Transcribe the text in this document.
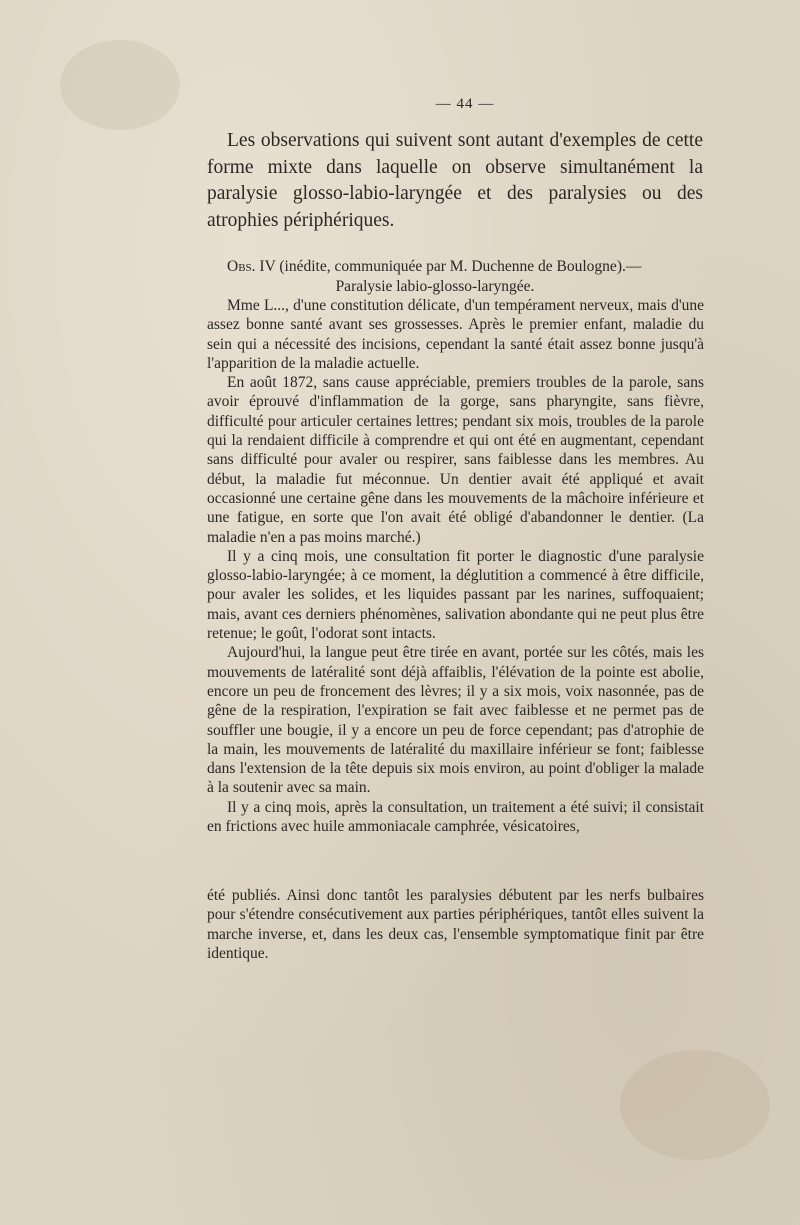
— 44 —

Les observations qui suivent sont autant d'exemples de cette forme mixte dans laquelle on observe simultanément la paralysie glosso-labio-laryngée et des paralysies ou des atrophies périphériques.

Obs. IV (inédite, communiquée par M. Duchenne de Boulogne).—
Paralysie labio-glosso-laryngée.

Mme L..., d'une constitution délicate, d'un tempérament nerveux, mais d'une assez bonne santé avant ses grossesses. Après le premier enfant, maladie du sein qui a nécessité des incisions, cependant la santé était assez bonne jusqu'à l'apparition de la maladie actuelle.

En août 1872, sans cause appréciable, premiers troubles de la parole, sans avoir éprouvé d'inflammation de la gorge, sans pharyngite, sans fièvre, difficulté pour articuler certaines lettres; pendant six mois, troubles de la parole qui la rendaient difficile à comprendre et qui ont été en augmentant, cependant sans difficulté pour avaler ou respirer, sans faiblesse dans les membres. Au début, la maladie fut méconnue. Un dentier avait été appliqué et avait occasionné une certaine gêne dans les mouvements de la mâchoire inférieure et une fatigue, en sorte que l'on avait été obligé d'abandonner le dentier. (La maladie n'en a pas moins marché.)

Il y a cinq mois, une consultation fit porter le diagnostic d'une paralysie glosso-labio-laryngée; à ce moment, la déglutition a commencé à être difficile, pour avaler les solides, et les liquides passant par les narines, suffoquaient; mais, avant ces derniers phénomènes, salivation abondante qui ne peut plus être retenue; le goût, l'odorat sont intacts.

Aujourd'hui, la langue peut être tirée en avant, portée sur les côtés, mais les mouvements de latéralité sont déjà affaiblis, l'élévation de la pointe est abolie, encore un peu de froncement des lèvres; il y a six mois, voix nasonnée, pas de gêne de la respiration, l'expiration se fait avec faiblesse et ne permet pas de souffler une bougie, il y a encore un peu de force cependant; pas d'atrophie de la main, les mouvements de latéralité du maxillaire inférieur se font; faiblesse dans l'extension de la tête depuis six mois environ, au point d'obliger la malade à la soutenir avec sa main.

Il y a cinq mois, après la consultation, un traitement a été suivi; il consistait en frictions avec huile ammoniacale camphrée, vésicatoires,

été publiés. Ainsi donc tantôt les paralysies débutent par les nerfs bulbaires pour s'étendre consécutivement aux parties périphériques, tantôt elles suivent la marche inverse, et, dans les deux cas, l'ensemble symptomatique finit par être identique.
